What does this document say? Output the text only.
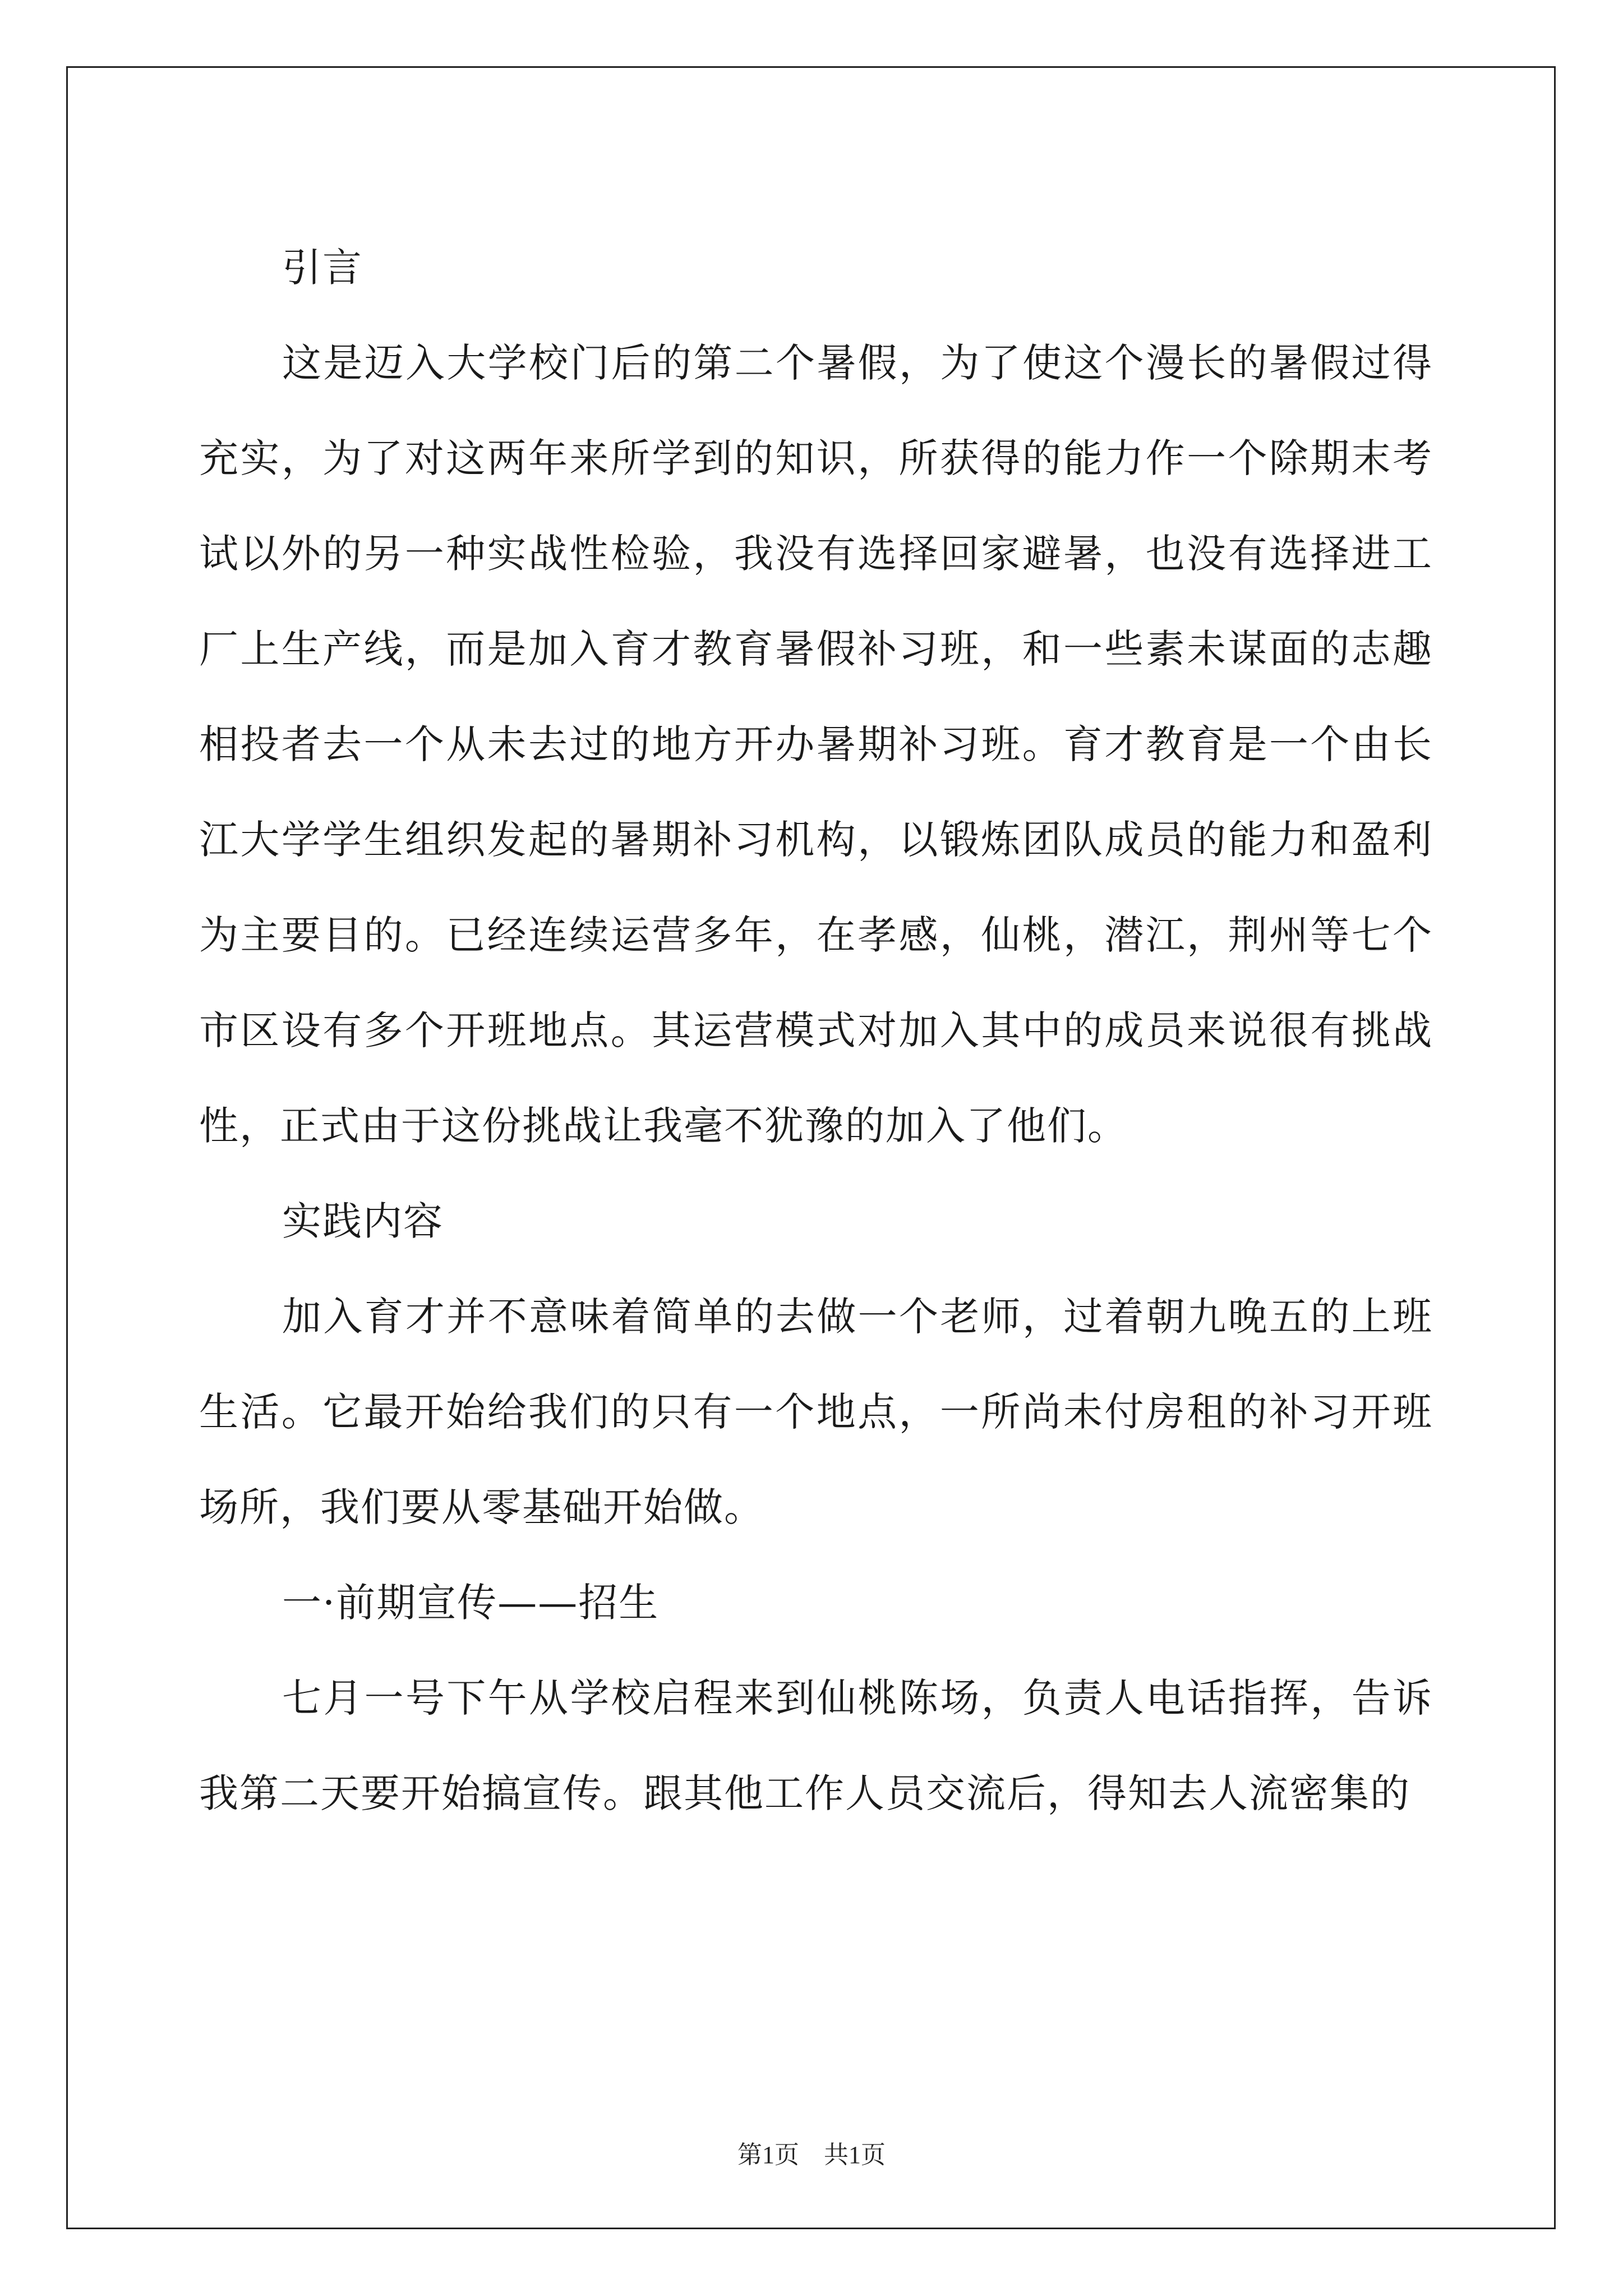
引言

这是迈入大学校门后的第二个暑假，为了使这个漫长的暑假过得充实，为了对这两年来所学到的知识，所获得的能力作一个除期末考试以外的另一种实战性检验，我没有选择回家避暑，也没有选择进工厂上生产线，而是加入育才教育暑假补习班，和一些素未谋面的志趣相投者去一个从未去过的地方开办暑期补习班。育才教育是一个由长江大学学生组织发起的暑期补习机构，以锻炼团队成员的能力和盈利为主要目的。已经连续运营多年，在孝感，仙桃，潜江，荆州等七个市区设有多个开班地点。其运营模式对加入其中的成员来说很有挑战性，正式由于这份挑战让我毫不犹豫的加入了他们。

实践内容

加入育才并不意味着简单的去做一个老师，过着朝九晚五的上班生活。它最开始给我们的只有一个地点，一所尚未付房租的补习开班场所，我们要从零基础开始做。

一·前期宣传——招生

七月一号下午从学校启程来到仙桃陈场，负责人电话指挥，告诉我第二天要开始搞宣传。跟其他工作人员交流后，得知去人流密集的

第1页　共1页
